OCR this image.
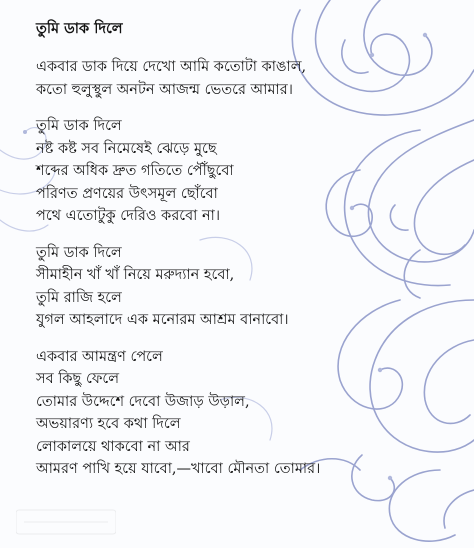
তুমি ডাক দিলে
একবার ডাক দিয়ে দেখো আমি কতোটা কাঙাল,
কতো হুলুস্থুল অনটন আজন্ম ভেতরে আমার।
তুমি ডাক দিলে
নষ্ট কষ্ট সব নিমেষেই ঝেড়ে মুছে
শব্দের অধিক দ্রুত গতিতে পৌঁছুবো
পরিণত প্রণয়ের উৎসমূল ছোঁবো
পথে এতোটুকু দেরিও করবো না।
তুমি ডাক দিলে
সীমাহীন খাঁ খাঁ নিয়ে মরুদ্যান হবো,
তুমি রাজি হলে
যুগল আহলাদে এক মনোরম আশ্রম বানাবো।
একবার আমন্ত্রণ পেলে
সব কিছু ফেলে
তোমার উদ্দেশে দেবো উজাড় উড়াল,
অভয়ারণ্য হবে কথা দিলে
লোকালয়ে থাকবো না আর
আমরণ পাখি হয়ে যাবো,—খাবো মৌনতা তোমার।
